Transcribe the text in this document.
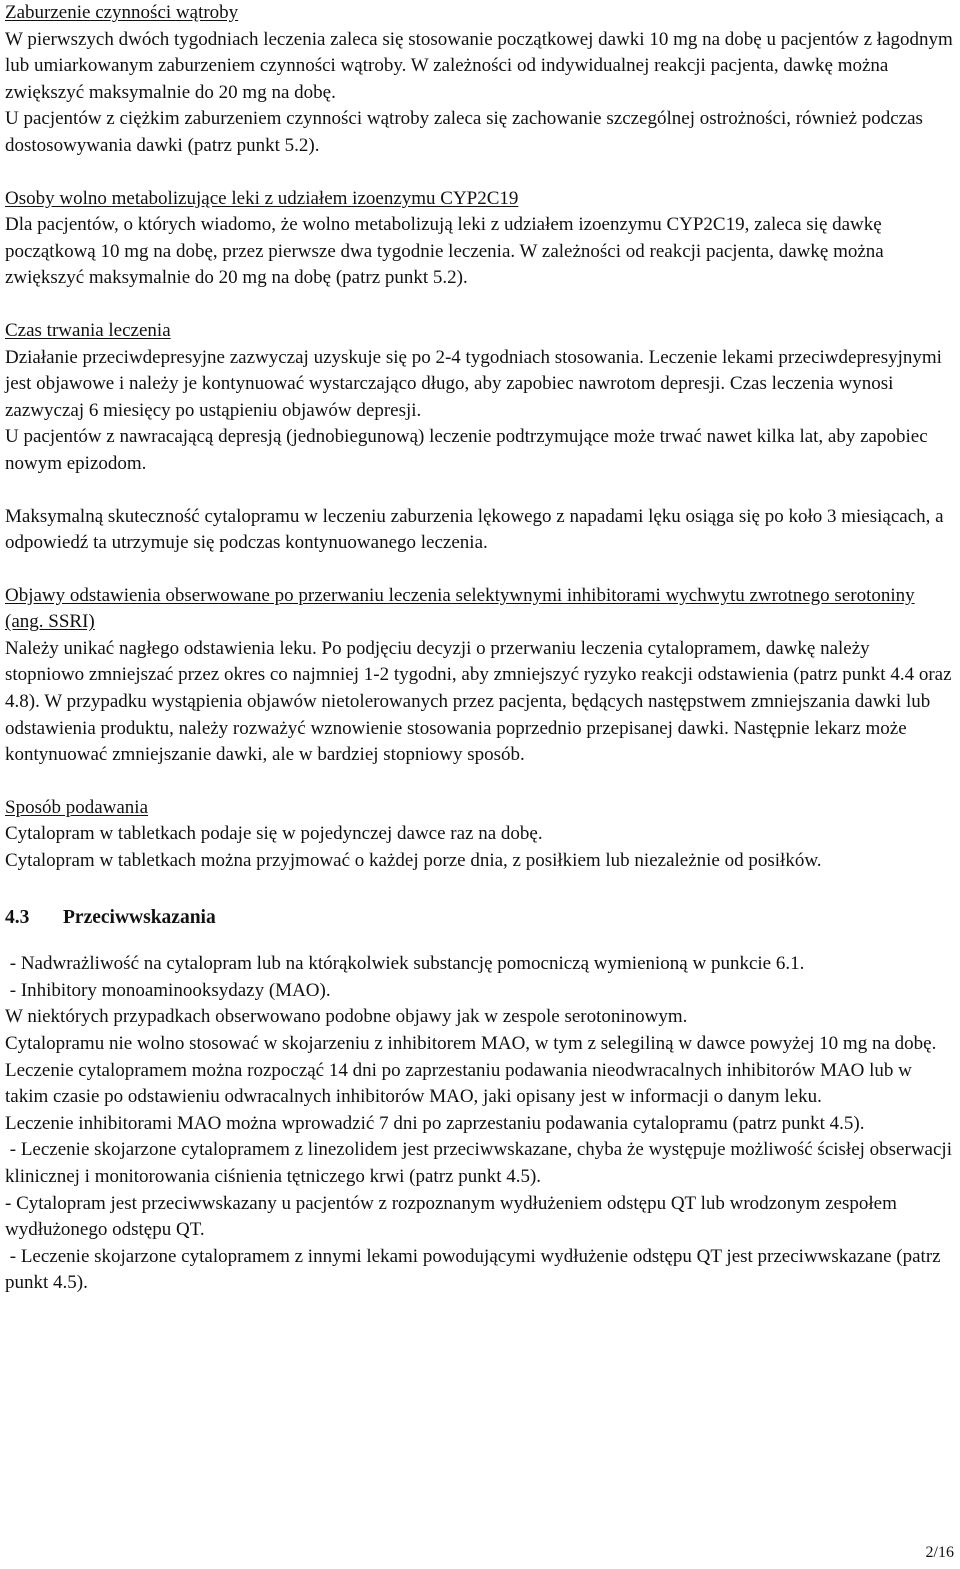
Zaburzenie czynności wątroby

W pierwszych dwóch tygodniach leczenia zaleca się stosowanie początkowej dawki 10 mg na dobę u pacjentów z łagodnym lub umiarkowanym zaburzeniem czynności wątroby. W zależności od indywidualnej reakcji pacjenta, dawkę można zwiększyć maksymalnie do 20 mg na dobę.

U pacjentów z ciężkim zaburzeniem czynności wątroby zaleca się zachowanie szczególnej ostrożności, również podczas dostosowywania dawki (patrz punkt 5.2).

Osoby wolno metabolizujące leki z udziałem izoenzymu CYP2C19

Dla pacjentów, o których wiadomo, że wolno metabolizują leki z udziałem izoenzymu CYP2C19, zaleca się dawkę początkową 10 mg na dobę, przez pierwsze dwa tygodnie leczenia. W zależności od reakcji pacjenta, dawkę można zwiększyć maksymalnie do 20 mg na dobę (patrz punkt 5.2).

Czas trwania leczenia

Działanie przeciwdepresyjne zazwyczaj uzyskuje się po 2-4 tygodniach stosowania. Leczenie lekami przeciwdepresyjnymi jest objawowe i należy je kontynuować wystarczająco długo, aby zapobiec nawrotom depresji. Czas leczenia wynosi zazwyczaj 6 miesięcy po ustąpieniu objawów depresji.

U pacjentów z nawracającą depresją (jednobiegunową) leczenie podtrzymujące może trwać nawet kilka lat, aby zapobiec nowym epizodom.

Maksymalną skuteczność cytalopramu w leczeniu zaburzenia lękowego z napadami lęku osiąga się po koło 3 miesiącach, a odpowiedź ta utrzymuje się podczas kontynuowanego leczenia.

Objawy odstawienia obserwowane po przerwaniu leczenia selektywnymi inhibitorami wychwytu zwrotnego serotoniny (ang. SSRI)

Należy unikać nagłego odstawienia leku. Po podjęciu decyzji o przerwaniu leczenia cytalopramem, dawkę należy stopniowo zmniejszać przez okres co najmniej 1-2 tygodni, aby zmniejszyć ryzyko reakcji odstawienia (patrz punkt 4.4 oraz 4.8). W przypadku wystąpienia objawów nietolerowanych przez pacjenta, będących następstwem zmniejszania dawki lub odstawienia produktu, należy rozważyć wznowienie stosowania poprzednio przepisanej dawki. Następnie lekarz może kontynuować zmniejszanie dawki, ale w bardziej stopniowy sposób.

Sposób podawania

Cytalopram w tabletkach podaje się w pojedynczej dawce raz na dobę.

Cytalopram w tabletkach można przyjmować o każdej porze dnia, z posiłkiem lub niezależnie od posiłków.

4.3 Przeciwwskazania

- Nadwrażliwość na cytalopram lub na którąkolwiek substancję pomocniczą wymienioną w punkcie 6.1.

- Inhibitory monoaminooksydazy (MAO).

W niektórych przypadkach obserwowano podobne objawy jak w zespole serotoninowym.

Cytalopramu nie wolno stosować w skojarzeniu z inhibitorem MAO, w tym z selegiliną w dawce powyżej 10 mg na dobę.

Leczenie cytalopramem można rozpocząć 14 dni po zaprzestaniu podawania nieodwracalnych inhibitorów MAO lub w takim czasie po odstawieniu odwracalnych inhibitorów MAO, jaki opisany jest w informacji o danym leku.

Leczenie inhibitorami MAO można wprowadzić 7 dni po zaprzestaniu podawania cytalopramu (patrz punkt 4.5).

- Leczenie skojarzone cytalopramem z linezolidem jest przeciwwskazane, chyba że występuje możliwość ścisłej obserwacji klinicznej i monitorowania ciśnienia tętniczego krwi (patrz punkt 4.5).

- Cytalopram jest przeciwwskazany u pacjentów z rozpoznanym wydłużeniem odstępu QT lub wrodzonym zespołem wydłużonego odstępu QT.

- Leczenie skojarzone cytalopramem z innymi lekami powodującymi wydłużenie odstępu QT jest przeciwwskazane (patrz punkt 4.5).

2/16
